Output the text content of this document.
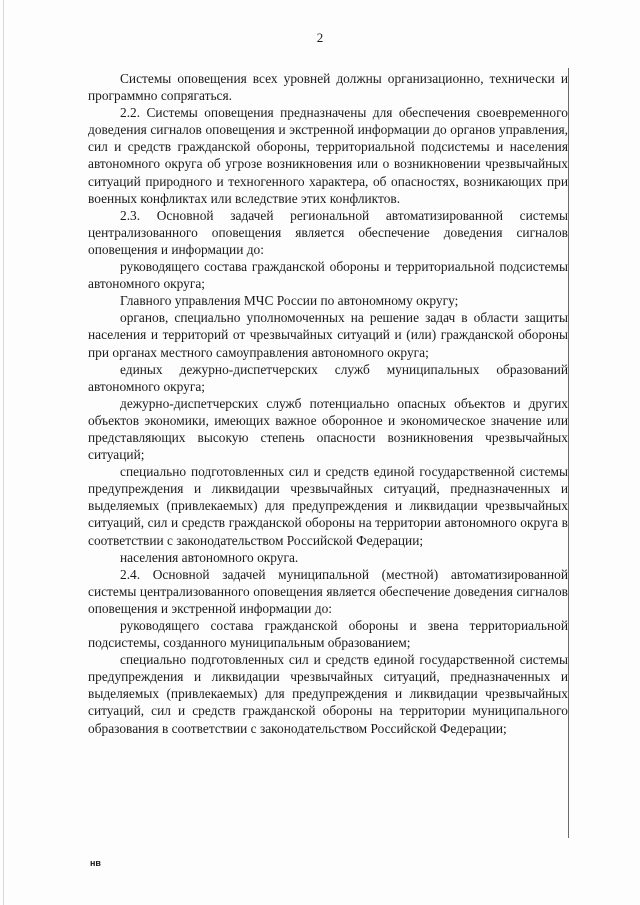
2

Системы оповещения всех уровней должны организационно, технически и программно сопрягаться.

2.2. Системы оповещения предназначены для обеспечения своевременного доведения сигналов оповещения и экстренной информации до органов управления, сил и средств гражданской обороны, территориальной подсистемы и населения автономного округа об угрозе возникновения или о возникновении чрезвычайных ситуаций природного и техногенного характера, об опасностях, возникающих при военных конфликтах или вследствие этих конфликтов.

2.3. Основной задачей региональной автоматизированной системы централизованного оповещения является обеспечение доведения сигналов оповещения и информации до:

руководящего состава гражданской обороны и территориальной подсистемы автономного округа;

Главного управления МЧС России по автономному округу;

органов, специально уполномоченных на решение задач в области защиты населения и территорий от чрезвычайных ситуаций и (или) гражданской обороны при органах местного самоуправления автономного округа;

единых дежурно-диспетчерских служб муниципальных образований автономного округа;

дежурно-диспетчерских служб потенциально опасных объектов и других объектов экономики, имеющих важное оборонное и экономическое значение или представляющих высокую степень опасности возникновения чрезвычайных ситуаций;

специально подготовленных сил и средств единой государственной системы предупреждения и ликвидации чрезвычайных ситуаций, предназначенных и выделяемых (привлекаемых) для предупреждения и ликвидации чрезвычайных ситуаций, сил и средств гражданской обороны на территории автономного округа в соответствии с законодательством Российской Федерации;

населения автономного округа.

2.4. Основной задачей муниципальной (местной) автоматизированной системы централизованного оповещения является обеспечение доведения сигналов оповещения и экстренной информации до:

руководящего состава гражданской обороны и звена территориальной подсистемы, созданного муниципальным образованием;

специально подготовленных сил и средств единой государственной системы предупреждения и ликвидации чрезвычайных ситуаций, предназначенных и выделяемых (привлекаемых) для предупреждения и ликвидации чрезвычайных ситуаций, сил и средств гражданской обороны на территории муниципального образования в соответствии с законодательством Российской Федерации;

нв
